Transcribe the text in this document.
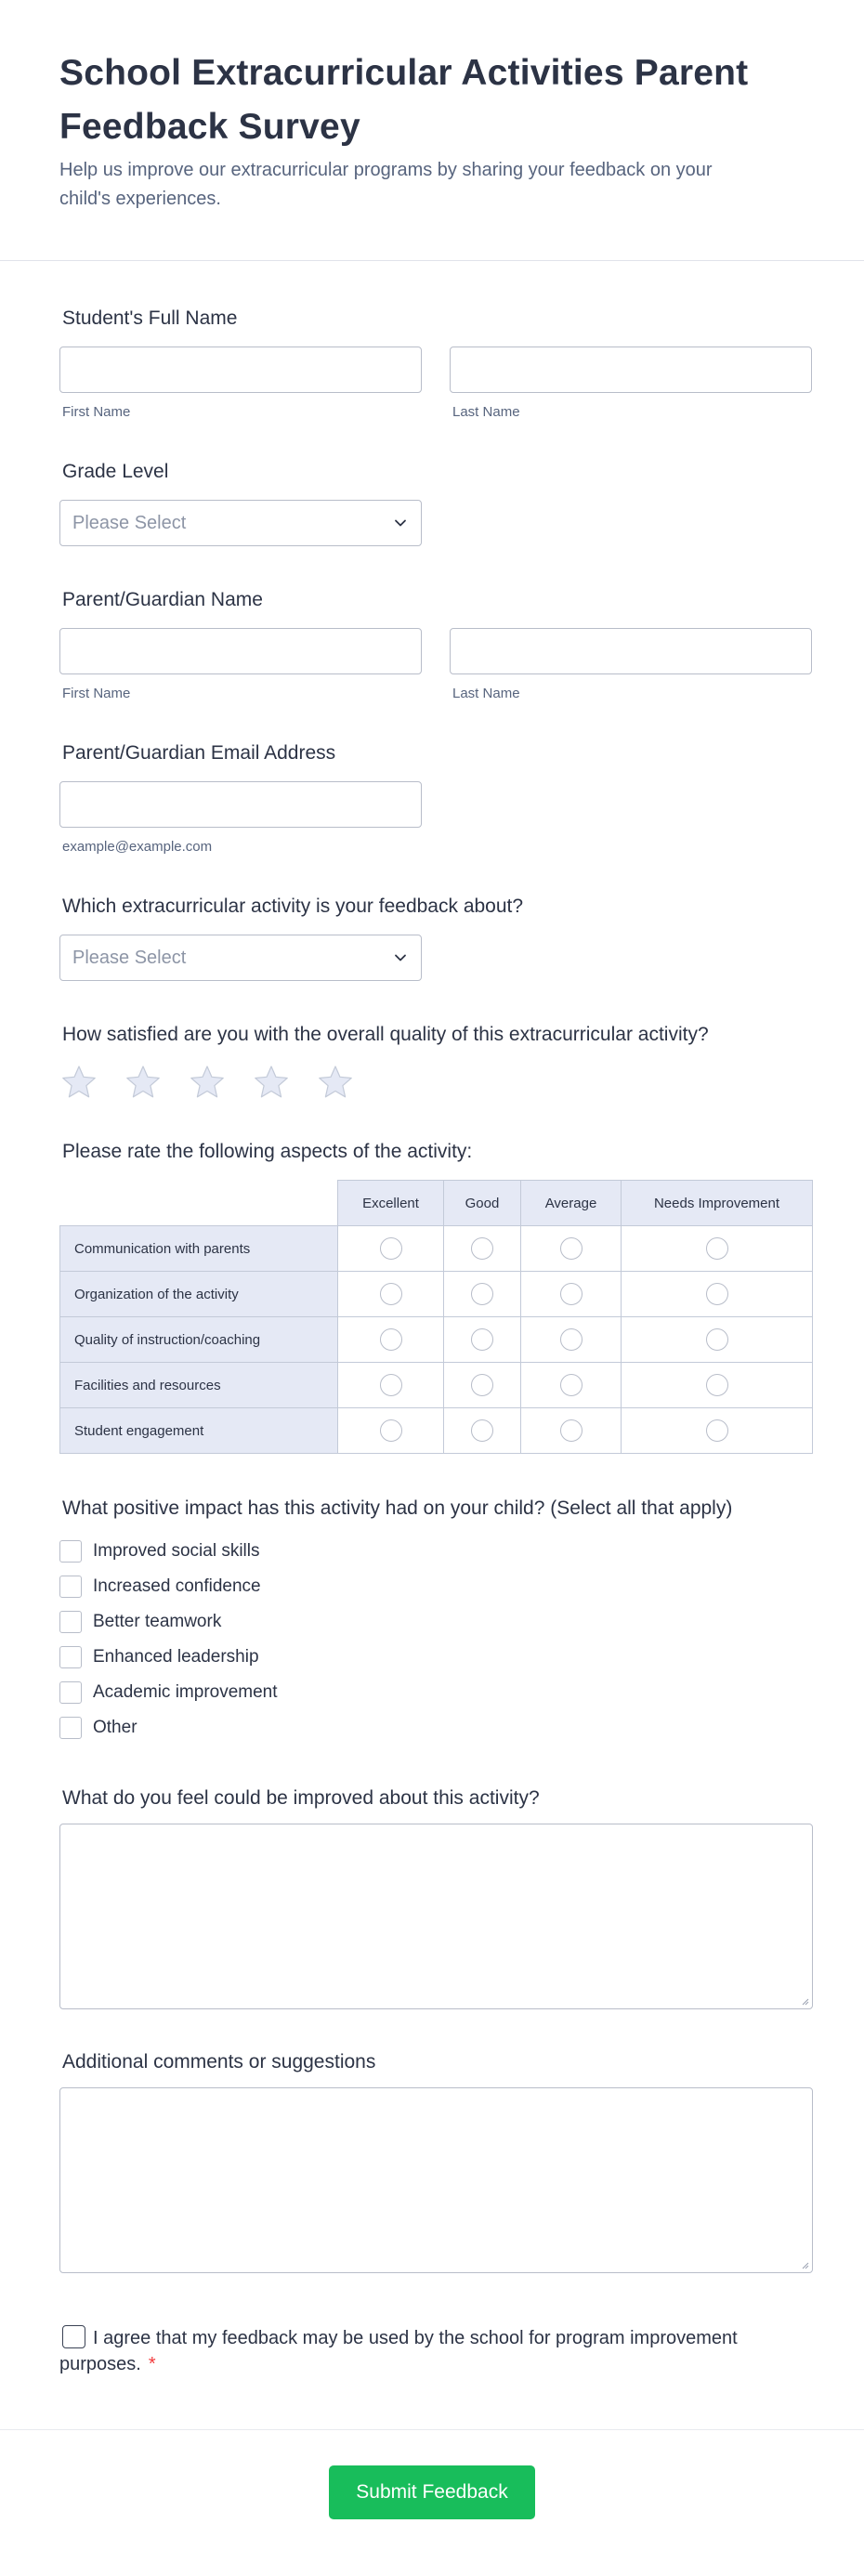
School Extracurricular Activities Parent Feedback Survey

Help us improve our extracurricular programs by sharing your feedback on your child's experiences.

Student's Full Name
First Name	Last Name
Grade Level
Please Select
Parent/Guardian Name
First Name	Last Name
Parent/Guardian Email Address
example@example.com
Which extracurricular activity is your feedback about?
Please Select
How satisfied are you with the overall quality of this extracurricular activity?
Please rate the following aspects of the activity:
	Excellent	Good	Average	Needs Improvement
Communication with parents				
Organization of the activity				
Quality of instruction/coaching				
Facilities and resources				
Student engagement				
What positive impact has this activity had on your child? (Select all that apply)
Improved social skills
Increased confidence
Better teamwork
Enhanced leadership
Academic improvement
Other
What do you feel could be improved about this activity?
Additional comments or suggestions
I agree that my feedback may be used by the school for program improvement purposes. *
Submit Feedback
